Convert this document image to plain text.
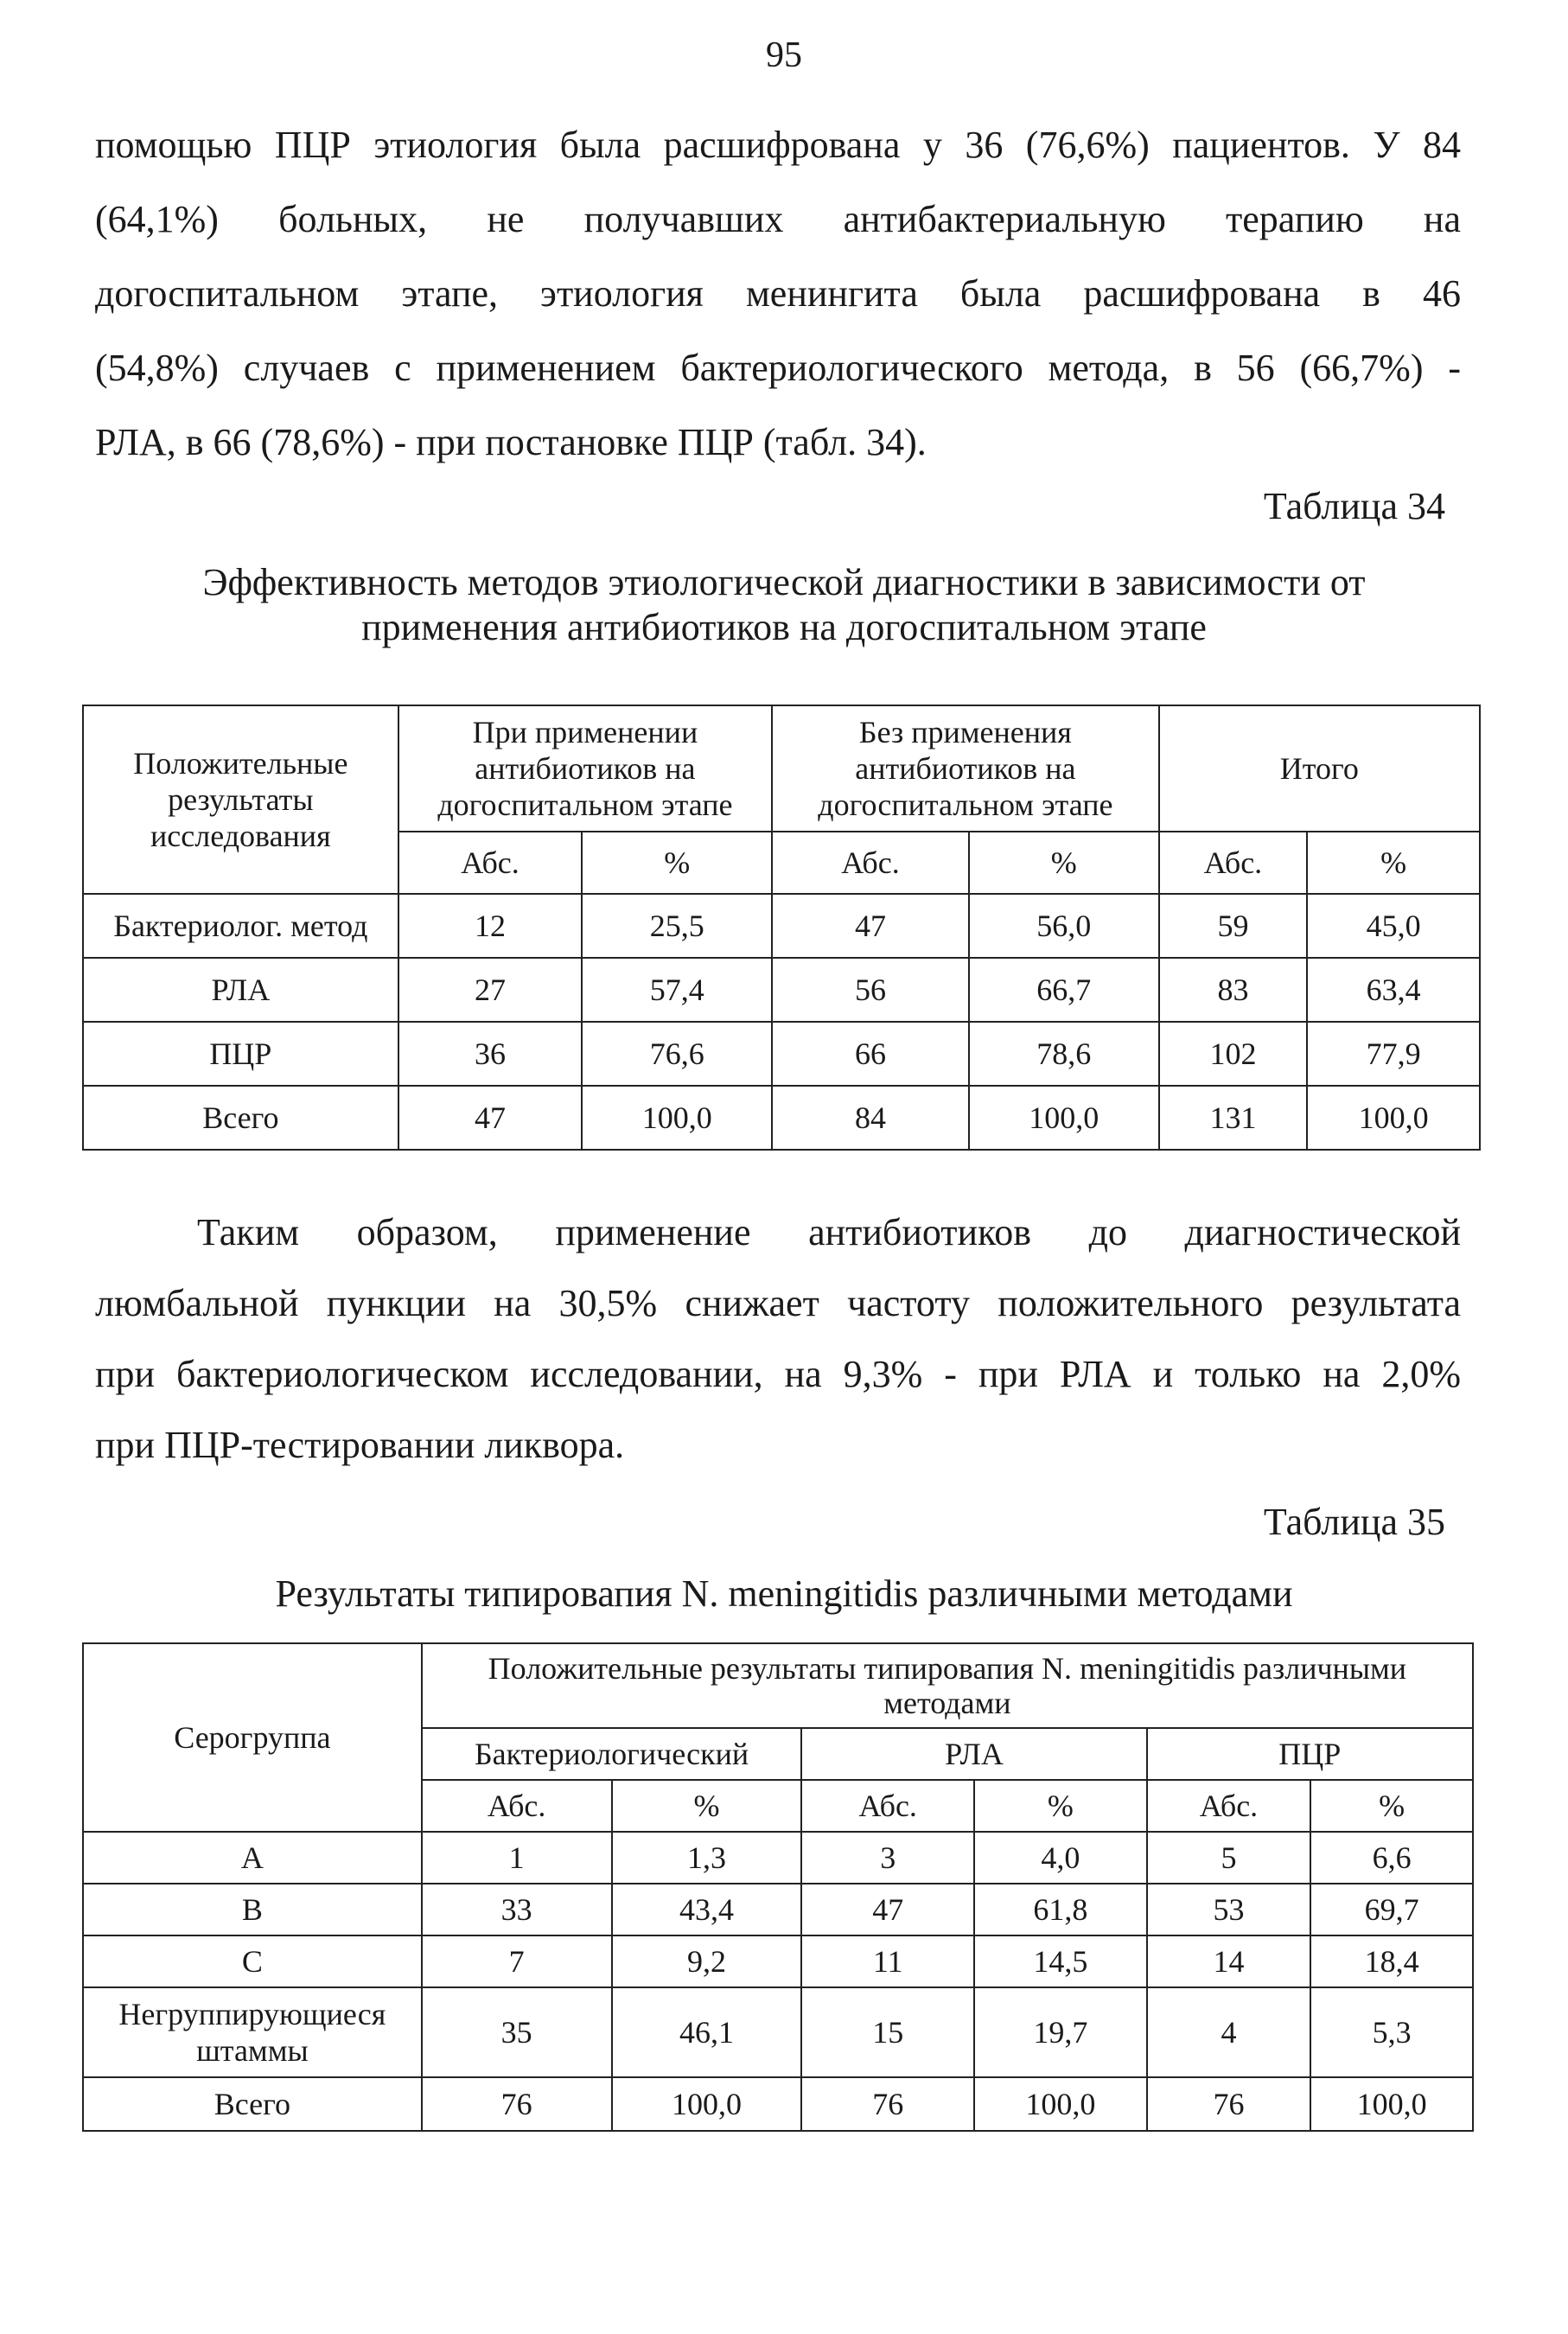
95
помощью ПЦР этиология была расшифрована у 36 (76,6%) пациентов. У 84
(64,1%) больных, не получавших антибактериальную терапию на
догоспитальном этапе, этиология менингита была расшифрована в 46
(54,8%) случаев с применением бактериологического метода, в 56 (66,7%) -
РЛА, в 66 (78,6%) - при постановке ПЦР (табл. 34).
Таблица 34
Эффективность методов этиологической диагностики в зависимости от
применения антибиотиков на догоспитальном этапе
Положительные результаты исследования	При применении антибиотиков на догоспитальном этапе		Без применения антибиотиков на догоспитальном этапе		Итого	
	Абс.	%	Абс.	%	Абс.	%
Бактериолог. метод	12	25,5	47	56,0	59	45,0
РЛА	27	57,4	56	66,7	83	63,4
ПЦР	36	76,6	66	78,6	102	77,9
Всего	47	100,0	84	100,0	131	100,0
Таким образом, применение антибиотиков до диагностической
люмбальной пункции на 30,5% снижает частоту положительного результата
при бактериологическом исследовании, на 9,3% - при РЛА и только на 2,0%
при ПЦР-тестировании ликвора.
Таблица 35
Результаты типировапия N. meningitidis различными методами
Серогруппа	Положительные результаты типировапия N. meningitidis различными методами					
	Бактериологический		РЛА		ПЦР	
	Абс.	%	Абс.	%	Абс.	%
А	1	1,3	3	4,0	5	6,6
В	33	43,4	47	61,8	53	69,7
С	7	9,2	11	14,5	14	18,4
Негруппирующиеся штаммы	35	46,1	15	19,7	4	5,3
Всего	76	100,0	76	100,0	76	100,0
